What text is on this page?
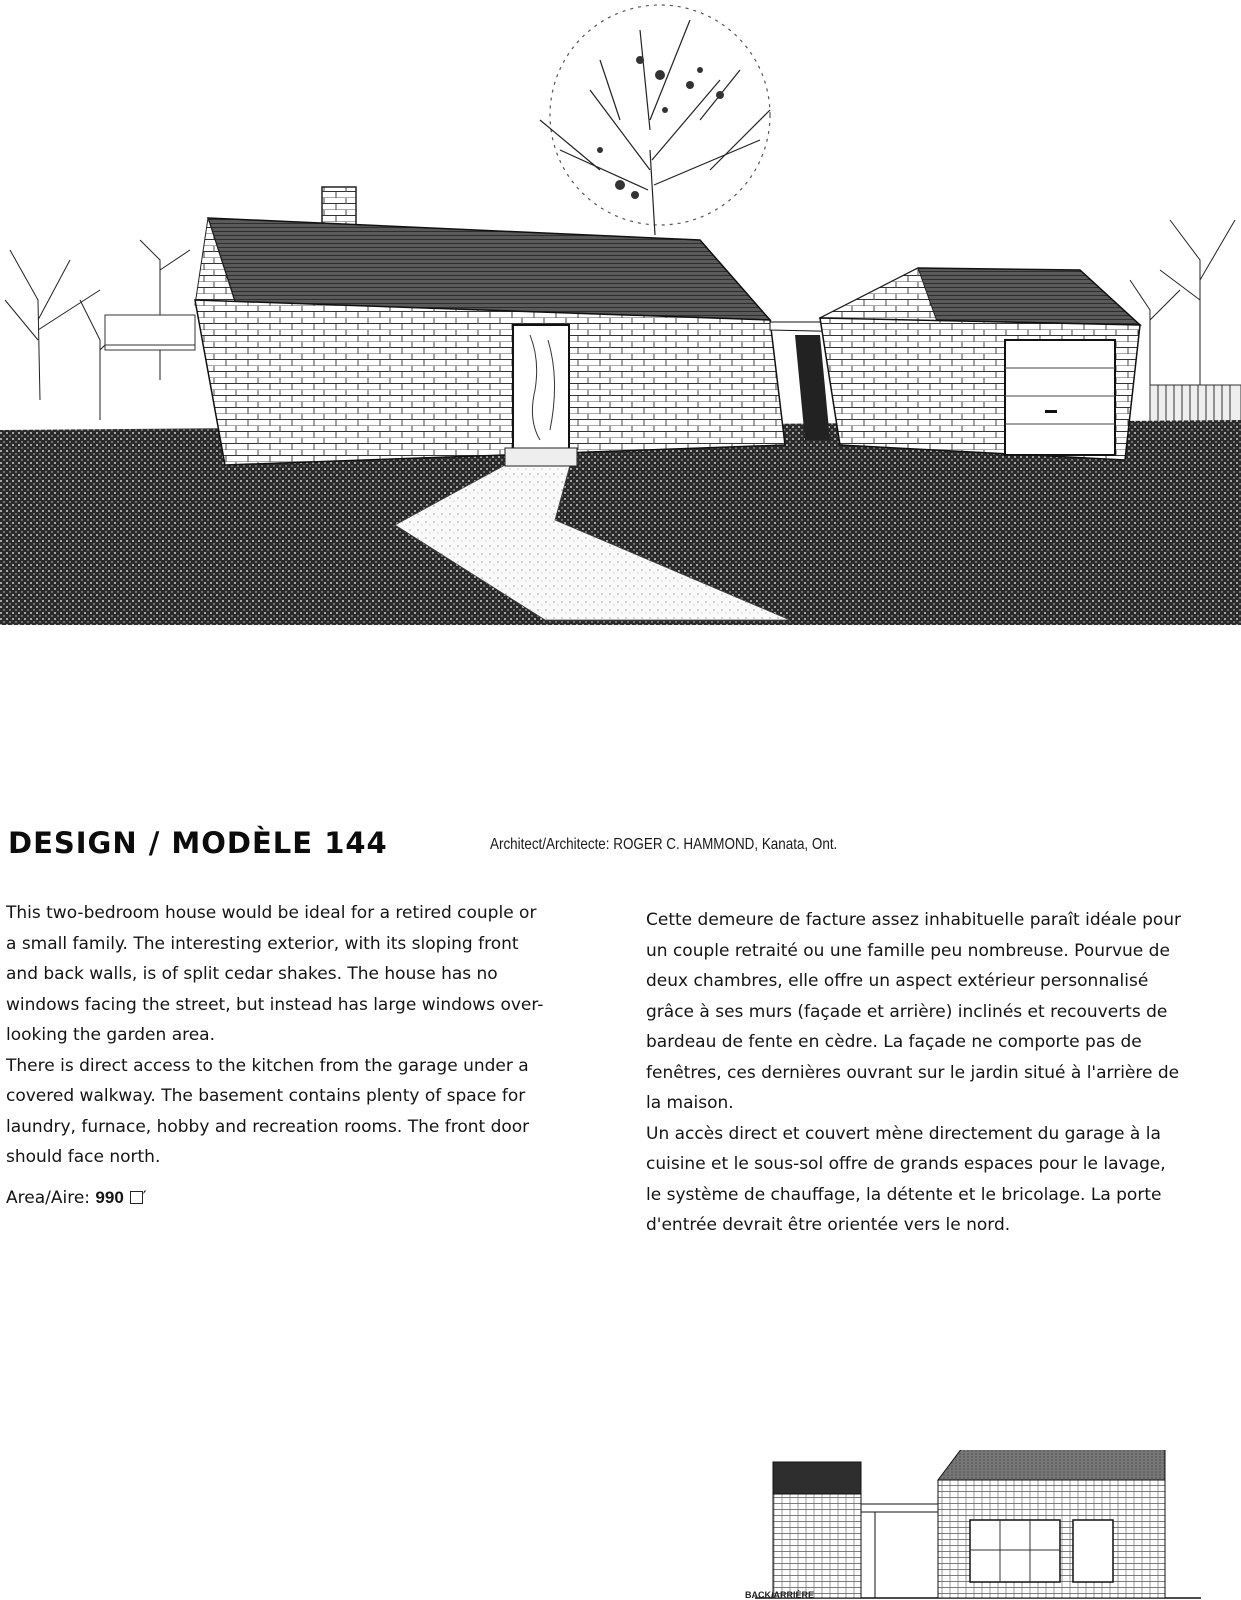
DESIGN / MODÈLE 144	Architect/Architecte: ROGER C. HAMMOND, Kanata, Ont.

This two-bedroom house would be ideal for a retired couple or

a small family. The interesting exterior, with its sloping front

and back walls, is of split cedar shakes. The house has no

windows facing the street, but instead has large windows over-

looking the garden area.

There is direct access to the kitchen from the garage under a

covered walkway. The basement contains plenty of space for

laundry, furnace, hobby and recreation rooms. The front door

should face north.

Area/Aire: 990 ′

Cette demeure de facture assez inhabituelle paraît idéale pour

un couple retraité ou une famille peu nombreuse. Pourvue de

deux chambres, elle offre un aspect extérieur personnalisé

grâce à ses murs (façade et arrière) inclinés et recouverts de

bardeau de fente en cèdre. La façade ne comporte pas de

fenêtres, ces dernières ouvrant sur le jardin situé à l'arrière de

la maison.

Un accès direct et couvert mène directement du garage à la

cuisine et le sous-sol offre de grands espaces pour le lavage,

le système de chauffage, la détente et le bricolage. La porte

d'entrée devrait être orientée vers le nord.

BACK/ARRIÈRE
